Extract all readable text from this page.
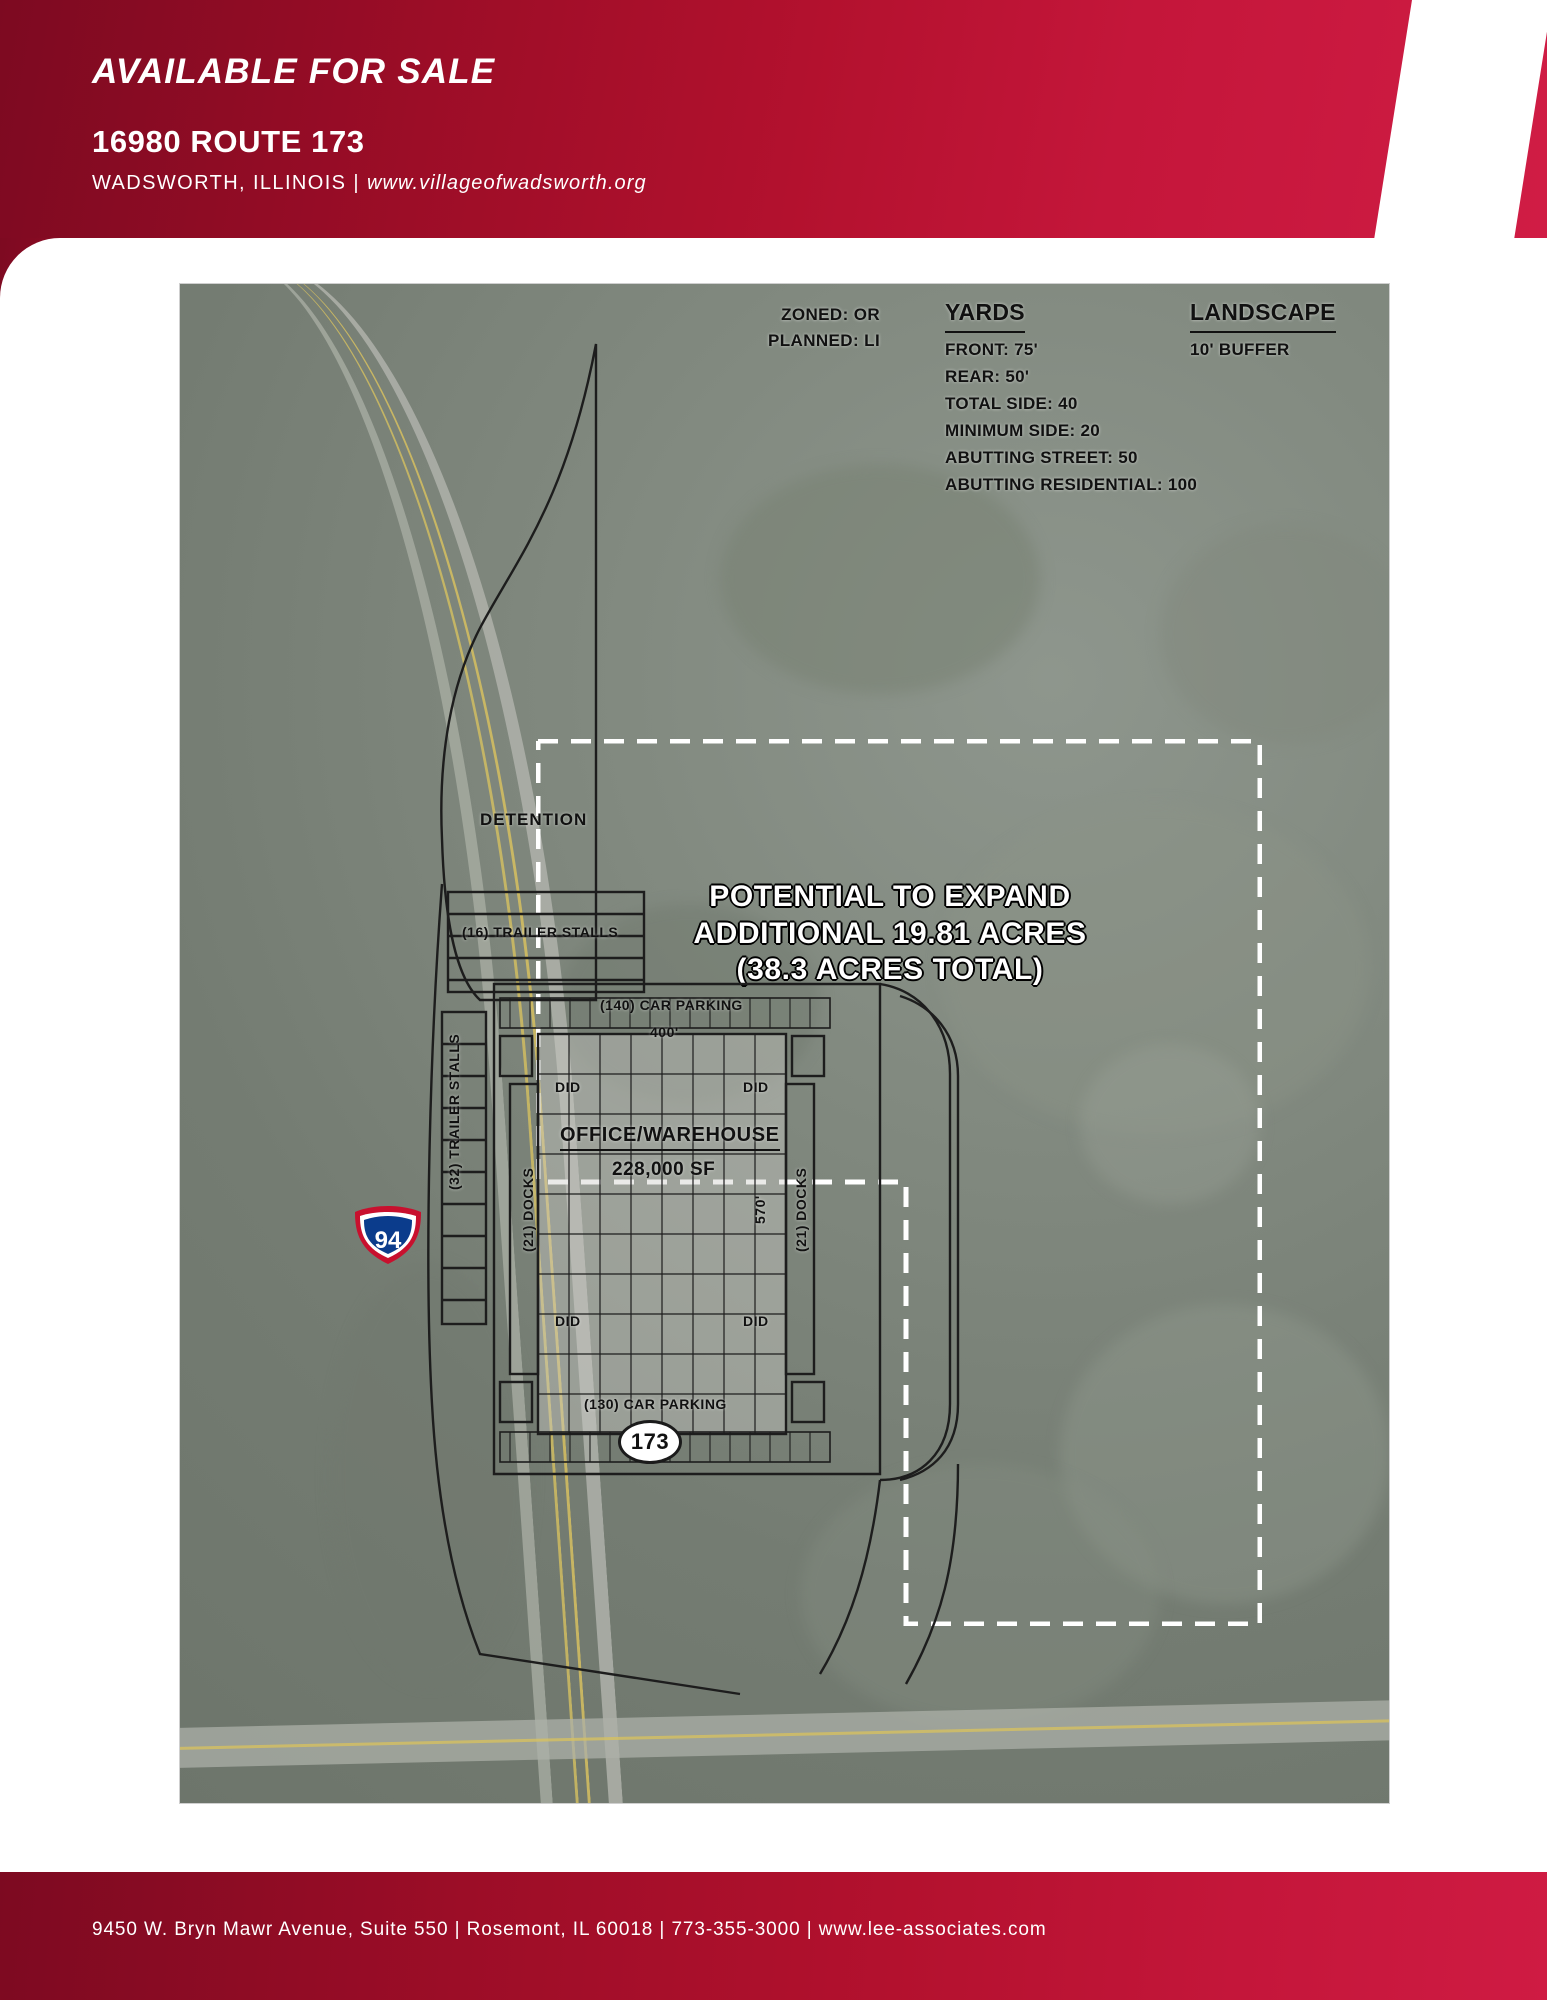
AVAILABLE FOR SALE
16980 ROUTE 173
WADSWORTH, ILLINOIS | www.villageofwadsworth.org
ZONED: OR
PLANNED: LI
YARDS
FRONT: 75'
REAR: 50'
TOTAL SIDE: 40
MINIMUM SIDE: 20
ABUTTING STREET: 50
ABUTTING RESIDENTIAL: 100
LANDSCAPE
10' BUFFER
POTENTIAL TO EXPAND
ADDITIONAL 19.81 ACRES
(38.3 ACRES TOTAL)
DETENTION
(16) TRAILER STALLS
(32) TRAILER STALLS
(140) CAR PARKING
(130) CAR PARKING
(21) DOCKS	(21) DOCKS
DID	DID
DID	DID
400'
570'
OFFICE/WAREHOUSE
228,000 SF
94
173
9450 W. Bryn Mawr Avenue, Suite 550 | Rosemont, IL 60018 | 773-355-3000 | www.lee-associates.com
